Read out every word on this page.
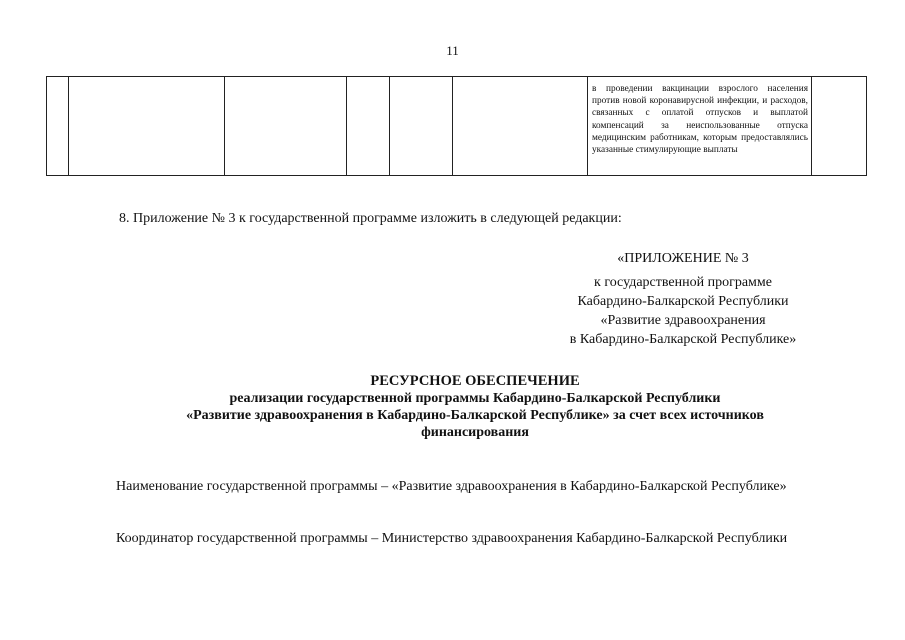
11

в проведении вакцинации взрослого населения против новой коронавирусной инфекции, и расходов, связанных с оплатой отпусков и выплатой компенсаций за неиспользованные отпуска медицинским работникам, которым предоставлялись указанные стимулирующие выплаты

8. Приложение № 3 к государственной программе изложить в следующей редакции:
«ПРИЛОЖЕНИЕ № 3
к государственной программе
Кабардино-Балкарской Республики
«Развитие здравоохранения
в Кабардино-Балкарской Республике»
РЕСУРСНОЕ ОБЕСПЕЧЕНИЕ
реализации государственной программы Кабардино-Балкарской Республики
«Развитие здравоохранения в Кабардино-Балкарской Республике» за счет всех источников
финансирования
Наименование государственной программы – «Развитие здравоохранения в Кабардино-Балкарской Республике»
Координатор государственной программы – Министерство здравоохранения Кабардино-Балкарской Республики
